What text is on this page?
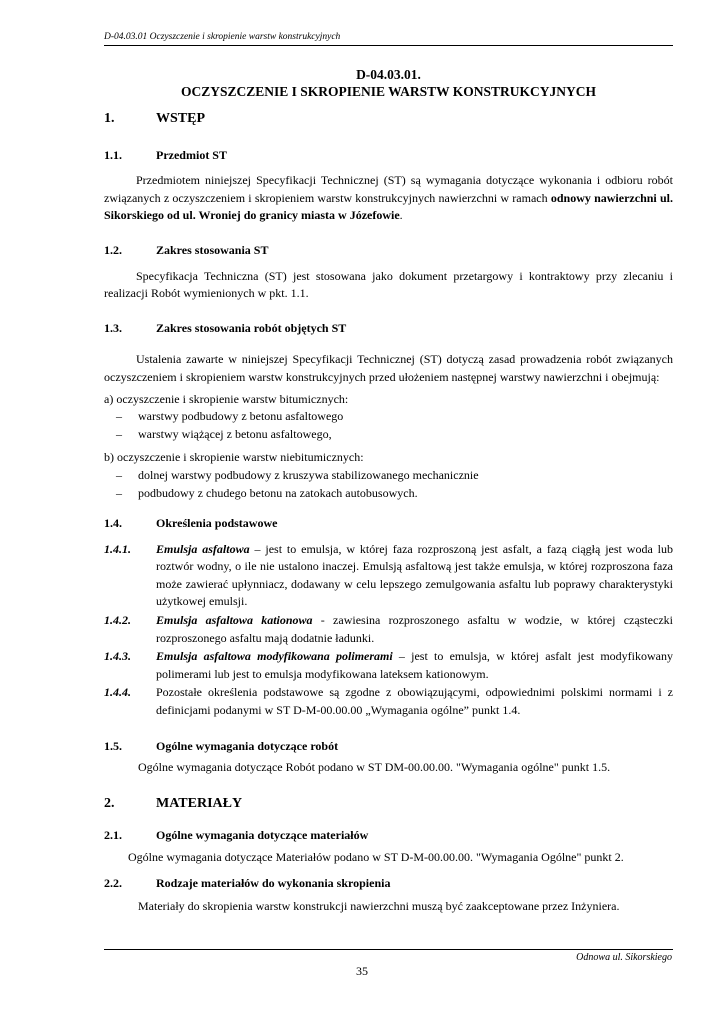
D-04.03.01 Oczyszczenie i skropienie warstw konstrukcyjnych

D-04.03.01.

OCZYSZCZENIE I SKROPIENIE WARSTW KONSTRUKCYJNYCH

1.	WSTĘP
1.1.	Przedmiot ST

Przedmiotem niniejszej Specyfikacji Technicznej (ST) są wymagania dotyczące wykonania i odbioru robót związanych z oczyszczeniem i skropieniem warstw konstrukcyjnych nawierzchni w ramach odnowy nawierzchni ul. Sikorskiego od ul. Wroniej do granicy miasta w Józefowie.

1.2.	Zakres stosowania ST

Specyfikacja Techniczna (ST) jest stosowana jako dokument przetargowy i kontraktowy przy zlecaniu i realizacji Robót wymienionych w pkt. 1.1.

1.3.	Zakres stosowania robót objętych ST

Ustalenia zawarte w niniejszej Specyfikacji Technicznej (ST) dotyczą zasad prowadzenia robót związanych oczyszczeniem i skropieniem warstw konstrukcyjnych przed ułożeniem następnej warstwy nawierzchni i obejmują:

a) oczyszczenie i skropienie warstw bitumicznych:

–	warstwy podbudowy z betonu asfaltowego
–	warstwy wiążącej z betonu asfaltowego,

b) oczyszczenie i skropienie warstw niebitumicznych:

–	dolnej warstwy podbudowy z kruszywa stabilizowanego mechanicznie
–	podbudowy z chudego betonu na zatokach autobusowych.
1.4.	Określenia podstawowe
1.4.1.	Emulsja asfaltowa – jest to emulsja, w której faza rozproszoną jest asfalt, a fazą ciągłą jest woda lub roztwór wodny, o ile nie ustalono inaczej. Emulsją asfaltową jest także emulsja, w której rozproszona faza może zawierać upłynniacz, dodawany w celu lepszego zemulgowania asfaltu lub poprawy charakterystyki użytkowej emulsji.
1.4.2.	Emulsja asfaltowa kationowa - zawiesina rozproszonego asfaltu w wodzie, w której cząsteczki rozproszonego asfaltu mają dodatnie ładunki.
1.4.3.	Emulsja asfaltowa modyfikowana polimerami – jest to emulsja, w której asfalt jest modyfikowany polimerami lub jest to emulsja modyfikowana lateksem kationowym.
1.4.4.	Pozostałe określenia podstawowe są zgodne z obowiązującymi, odpowiednimi polskimi normami i z definicjami podanymi w ST D-M-00.00.00 „Wymagania ogólne” punkt 1.4.
1.5.	Ogólne wymagania dotyczące robót

Ogólne wymagania dotyczące Robót podano w ST DM-00.00.00. "Wymagania ogólne" punkt 1.5.

2.	MATERIAŁY
2.1.	Ogólne wymagania dotyczące materiałów

Ogólne wymagania dotyczące Materiałów podano w ST D-M-00.00.00. "Wymagania Ogólne" punkt 2.

2.2.	Rodzaje materiałów do wykonania skropienia

Materiały do skropienia warstw konstrukcji nawierzchni muszą być zaakceptowane przez Inżyniera.

Odnowa ul. Sikorskiego
35
